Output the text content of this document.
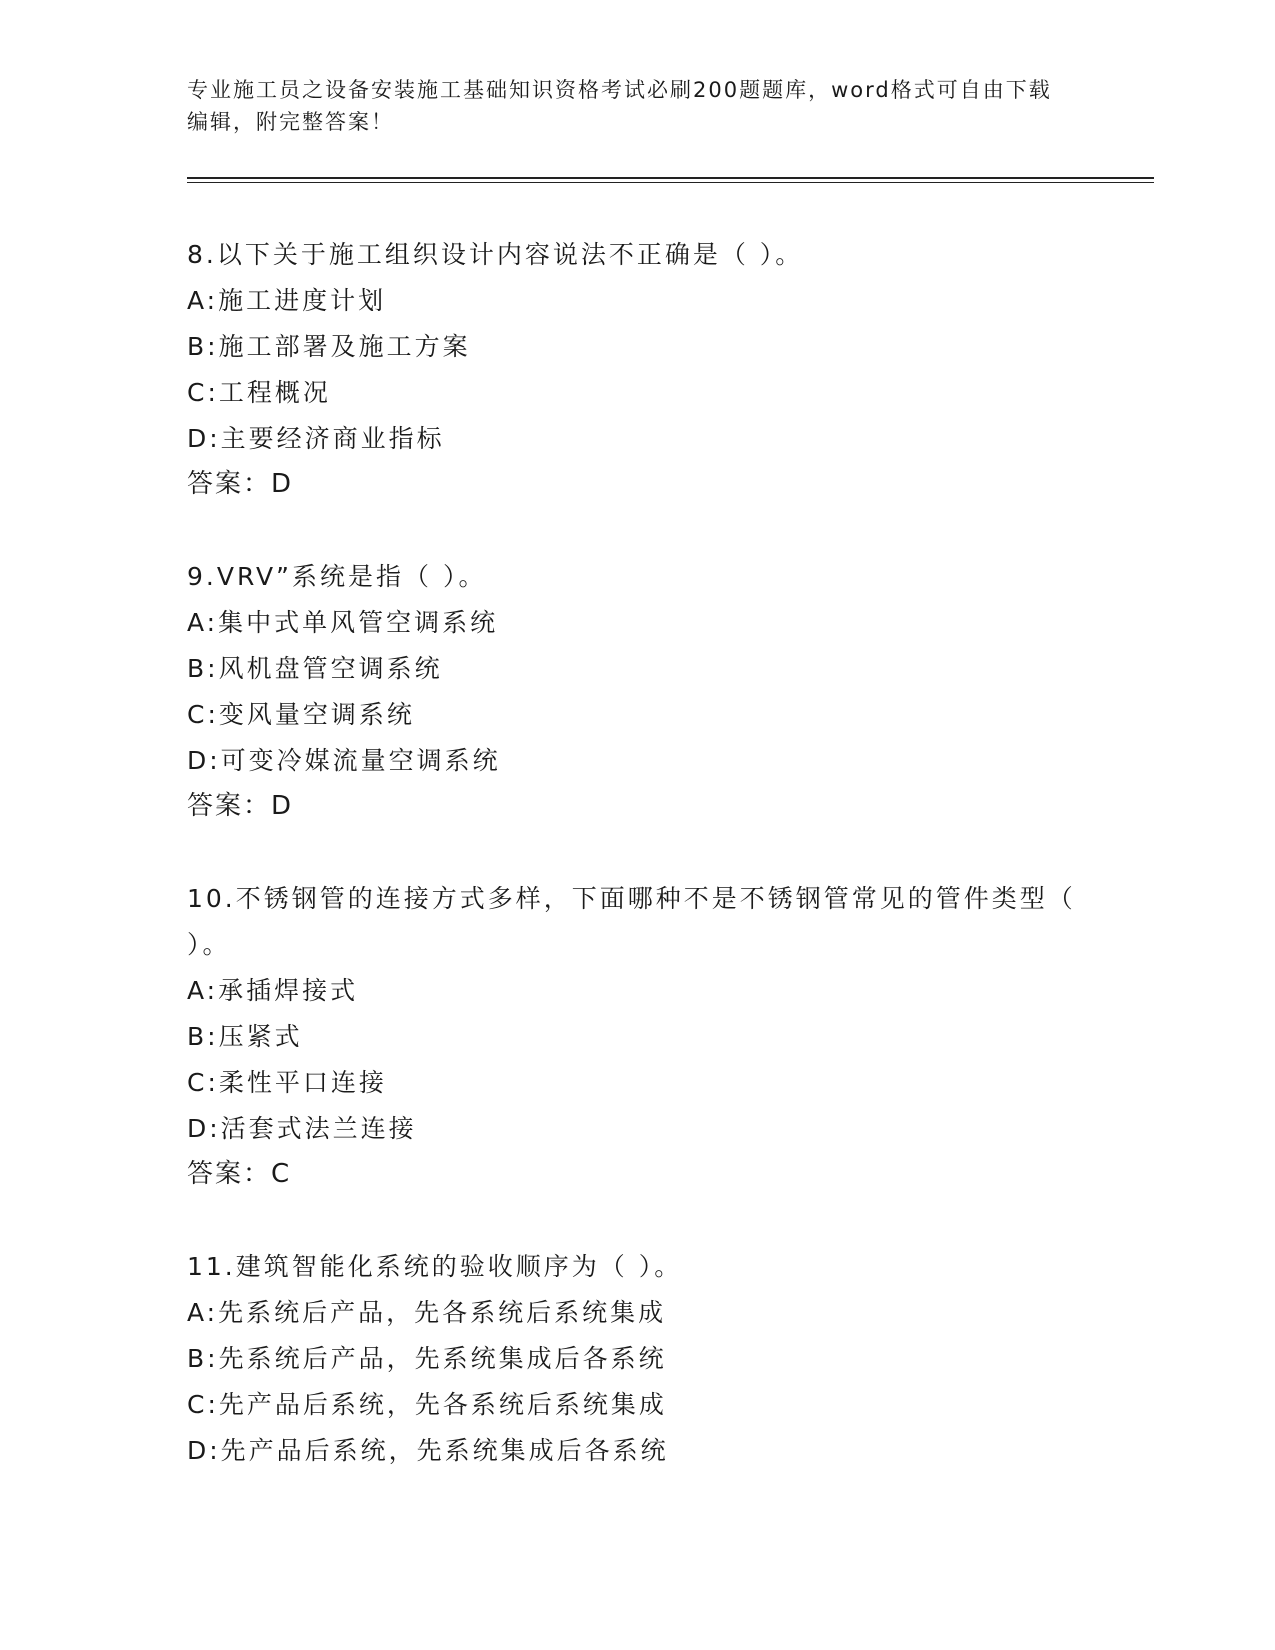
专业施工员之设备安装施工基础知识资格考试必刷200题题库，word格式可自由下载编辑，附完整答案！
8.以下关于施工组织设计内容说法不正确是（ ）。
A:施工进度计划
B:施工部署及施工方案
C:工程概况
D:主要经济商业指标
答案：D
9.VRV”系统是指（ ）。
A:集中式单风管空调系统
B:风机盘管空调系统
C:变风量空调系统
D:可变冷媒流量空调系统
答案：D
10.不锈钢管的连接方式多样，下面哪种不是不锈钢管常见的管件类型（ ）。
A:承插焊接式
B:压紧式
C:柔性平口连接
D:活套式法兰连接
答案：C
11.建筑智能化系统的验收顺序为（ ）。
A:先系统后产品，先各系统后系统集成
B:先系统后产品，先系统集成后各系统
C:先产品后系统，先各系统后系统集成
D:先产品后系统，先系统集成后各系统
